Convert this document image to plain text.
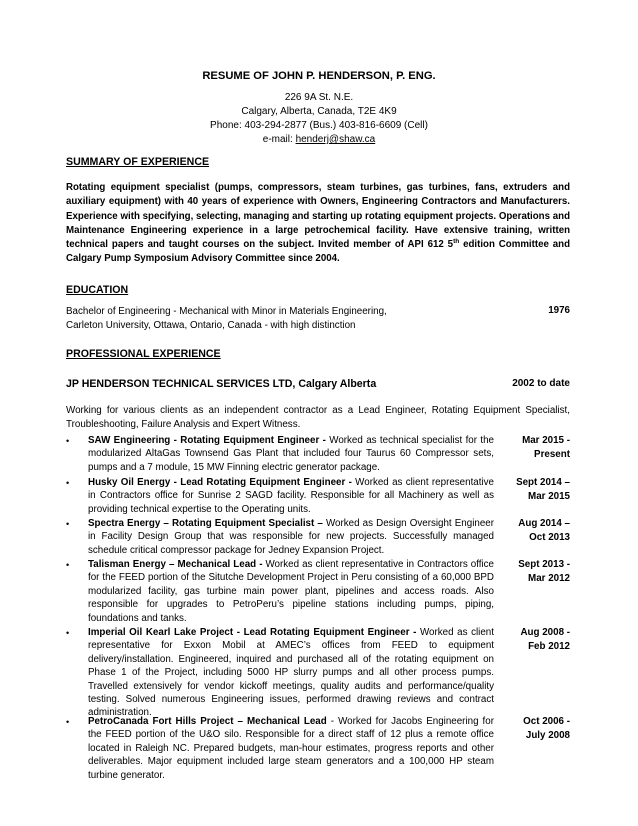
RESUME OF JOHN P. HENDERSON, P. ENG.
226 9A St. N.E.
Calgary, Alberta, Canada, T2E 4K9
Phone: 403-294-2877 (Bus.) 403-816-6609 (Cell)
e-mail: henderj@shaw.ca
SUMMARY OF EXPERIENCE
Rotating equipment specialist (pumps, compressors, steam turbines, gas turbines, fans, extruders and auxiliary equipment) with 40 years of experience with Owners, Engineering Contractors and Manufacturers. Experience with specifying, selecting, managing and starting up rotating equipment projects. Operations and Maintenance Engineering experience in a large petrochemical facility. Have extensive training, written technical papers and taught courses on the subject. Invited member of API 612 5th edition Committee and Calgary Pump Symposium Advisory Committee since 2004.
EDUCATION
Bachelor of Engineering - Mechanical with Minor in Materials Engineering,
Carleton University, Ottawa, Ontario, Canada - with high distinction
1976
PROFESSIONAL EXPERIENCE
JP HENDERSON TECHNICAL SERVICES LTD, Calgary Alberta	2002 to date
Working for various clients as an independent contractor as a Lead Engineer, Rotating Equipment Specialist, Troubleshooting, Failure Analysis and Expert Witness.
• SAW Engineering - Rotating Equipment Engineer - Worked as technical specialist for the modularized AltaGas Townsend Gas Plant that included four Taurus 60 Compressor sets, pumps and a 7 module, 15 MW Finning electric generator package.
Mar 2015 -
Present
• Husky Oil Energy - Lead Rotating Equipment Engineer - Worked as client representative in Contractors office for Sunrise 2 SAGD facility. Responsible for all Machinery as well as providing technical expertise to the Operating units.
Sept 2014 –
Mar 2015
• Spectra Energy – Rotating Equipment Specialist – Worked as Design Oversight Engineer in Facility Design Group that was responsible for new projects. Successfully managed schedule critical compressor package for Jedney Expansion Project.
Aug 2014 –
Oct 2013
• Talisman Energy – Mechanical Lead - Worked as client representative in Contractors office for the FEED portion of the Situtche Development Project in Peru consisting of a 60,000 BPD modularized facility, gas turbine main power plant, pipelines and access roads. Also responsible for upgrades to PetroPeru’s pipeline stations including pumps, piping, foundations and tanks.
Sept 2013 -
Mar 2012
• Imperial Oil Kearl Lake Project - Lead Rotating Equipment Engineer - Worked as client representative for Exxon Mobil at AMEC’s offices from FEED to equipment delivery/installation. Engineered, inquired and purchased all of the rotating equipment on Phase 1 of the Project, including 5000 HP slurry pumps and all other process pumps. Travelled extensively for vendor kickoff meetings, quality audits and performance/quality testing. Solved numerous Engineering issues, performed drawing reviews and contract administration.
Aug 2008 -
Feb 2012
• PetroCanada Fort Hills Project – Mechanical Lead - Worked for Jacobs Engineering for the FEED portion of the U&O silo. Responsible for a direct staff of 12 plus a remote office located in Raleigh NC. Prepared budgets, man-hour estimates, progress reports and other deliverables. Major equipment included large steam generators and a 100,000 HP steam turbine generator.
Oct 2006 -
July 2008
